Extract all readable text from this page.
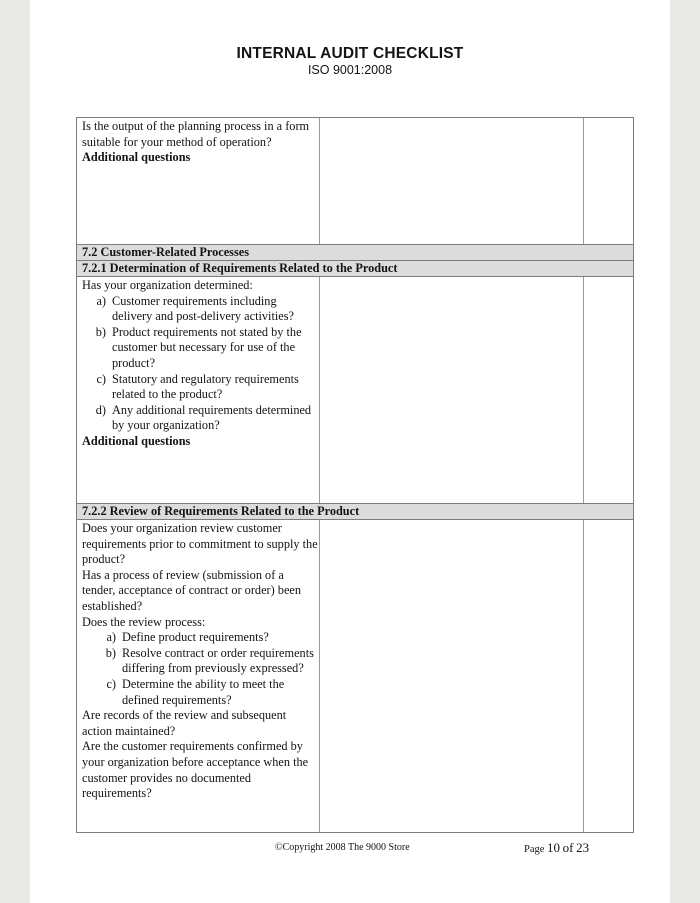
INTERNAL AUDIT CHECKLIST
ISO 9001:2008
Is the output of the planning process in a form suitable for your method of operation?
Additional questions
7.2 Customer-Related Processes
7.2.1 Determination of Requirements Related to the Product
Has your organization determined:
a) Customer requirements including delivery and post-delivery activities?
b) Product requirements not stated by the customer but necessary for use of the product?
c) Statutory and regulatory requirements related to the product?
d) Any additional requirements determined by your organization?
Additional questions
7.2.2 Review of Requirements Related to the Product
Does your organization review customer requirements prior to commitment to supply the product?
Has a process of review (submission of a tender, acceptance of contract or order) been established?
Does the review process:
a) Define product requirements?
b) Resolve contract or order requirements differing from previously expressed?
c) Determine the ability to meet the defined requirements?
Are records of the review and subsequent action maintained?
Are the customer requirements confirmed by your organization before acceptance when the customer provides no documented requirements?
©Copyright 2008 The 9000 Store	Page 10 of 23
